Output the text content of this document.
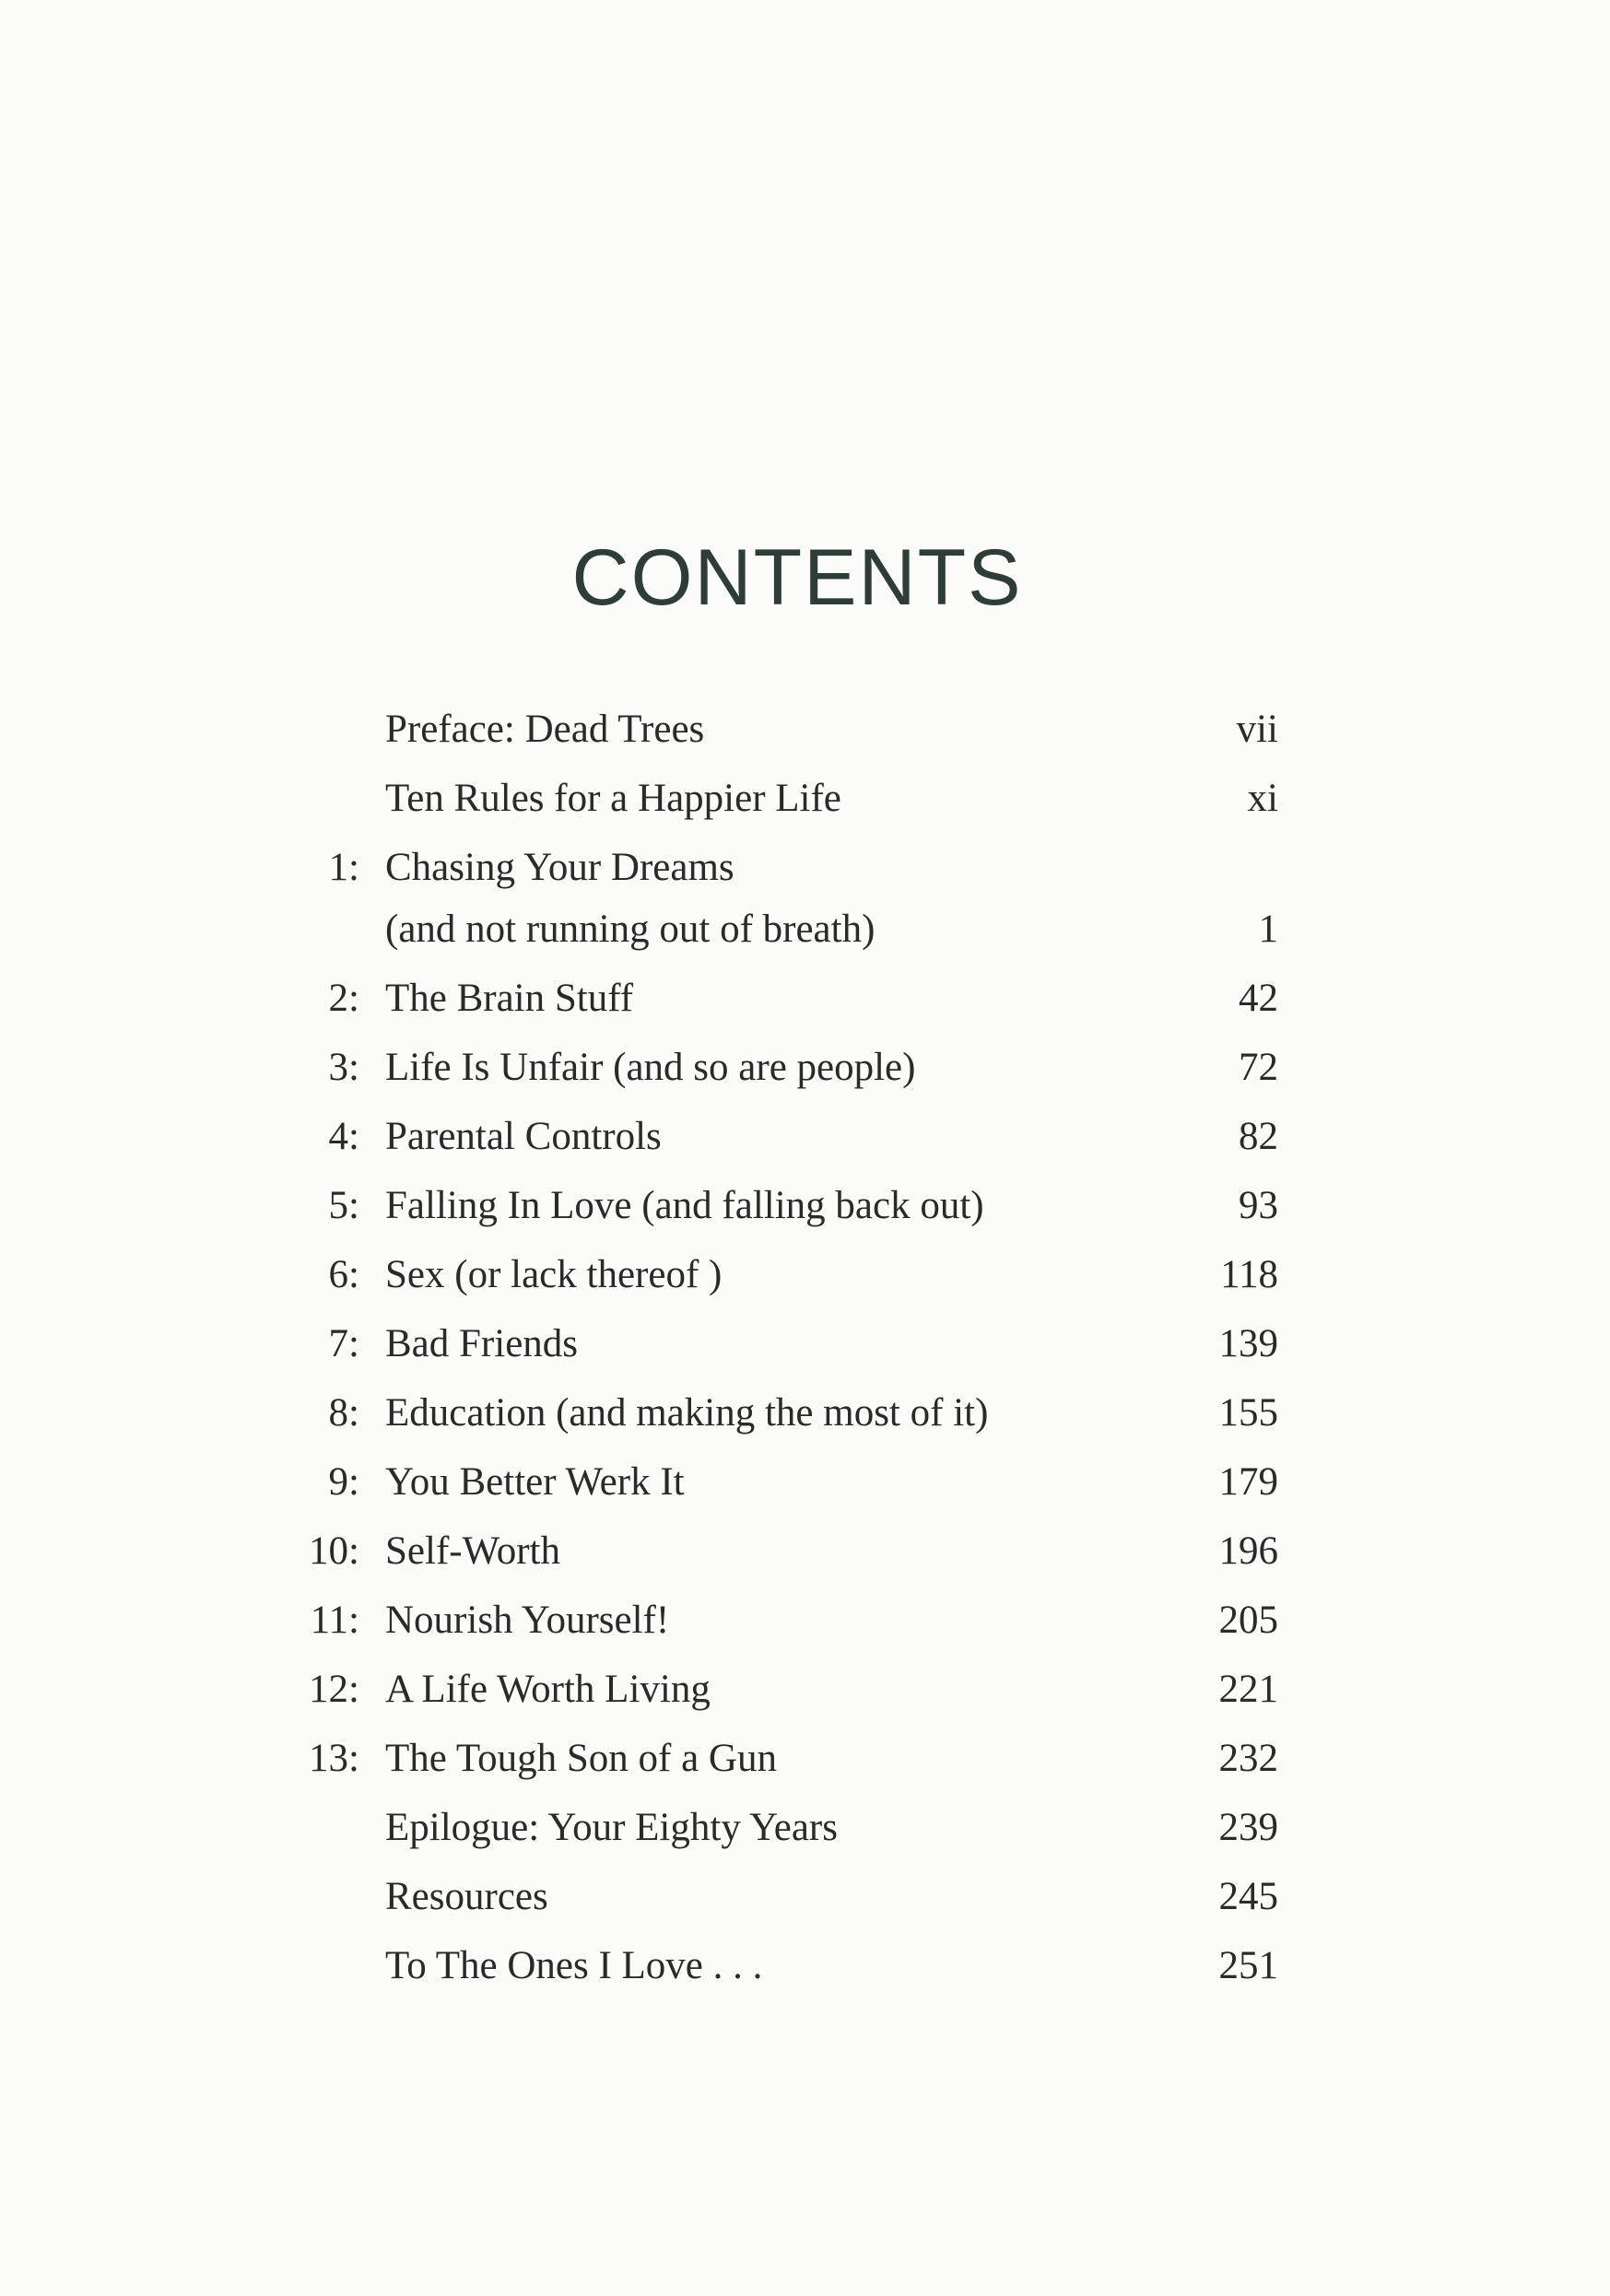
CONTENTS
Preface: Dead Trees	vii
Ten Rules for a Happier Life	xi
1: Chasing Your Dreams
(and not running out of breath)	1
2: The Brain Stuff	42
3: Life Is Unfair (and so are people)	72
4: Parental Controls	82
5: Falling In Love (and falling back out)	93
6: Sex (or lack thereof )	118
7: Bad Friends	139
8: Education (and making the most of it)	155
9: You Better Werk It	179
10: Self-Worth	196
11: Nourish Yourself!	205
12: A Life Worth Living	221
13: The Tough Son of a Gun	232
Epilogue: Your Eighty Years	239
Resources	245
To The Ones I Love . . .	251
